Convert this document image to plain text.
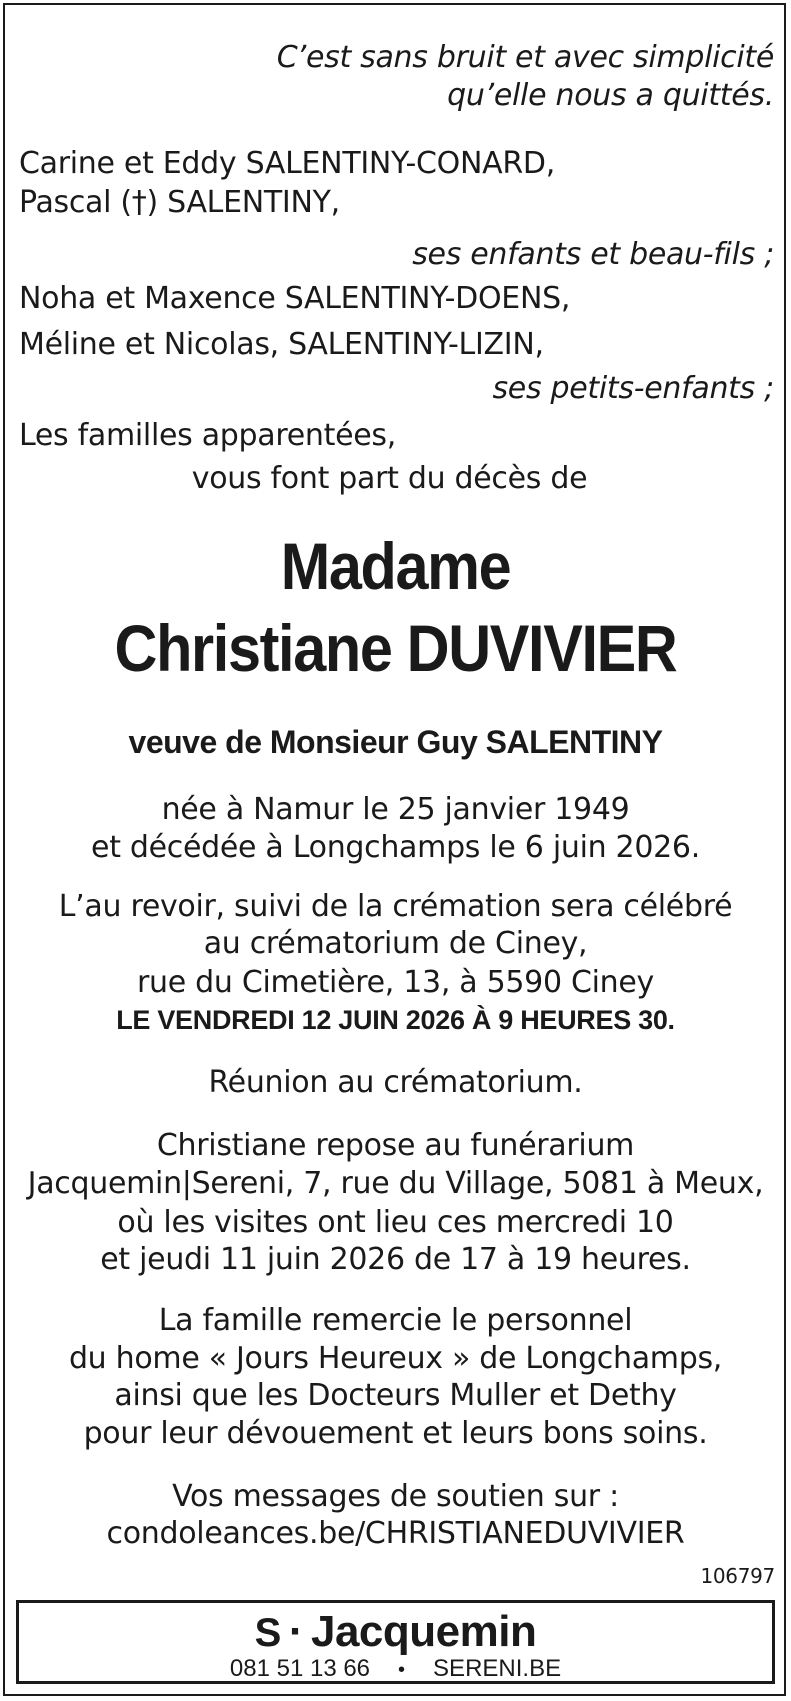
C’est sans bruit et avec simplicité
qu’elle nous a quittés.
Carine et Eddy SALENTINY-CONARD,
Pascal (†) SALENTINY,
ses enfants et beau-fils ;
Noha et Maxence SALENTINY-DOENS,
Méline et Nicolas, SALENTINY-LIZIN,
ses petits-enfants ;
Les familles apparentées,
vous font part du décès de
Madame
Christiane DUVIVIER
veuve de Monsieur Guy SALENTINY
née à Namur le 25 janvier 1949
et décédée à Longchamps le 6 juin 2026.
L’au revoir, suivi de la crémation sera célébré
au crématorium de Ciney,
rue du Cimetière, 13, à 5590 Ciney
LE VENDREDI 12 JUIN 2026 À 9 HEURES 30.
Réunion au crématorium.
Christiane repose au funérarium
Jacquemin|Sereni, 7, rue du Village, 5081 à Meux,
où les visites ont lieu ces mercredi 10
et jeudi 11 juin 2026 de 17 à 19 heures.
La famille remercie le personnel
du home « Jours Heureux » de Longchamps,
ainsi que les Docteurs Muller et Dethy
pour leur dévouement et leurs bons soins.
Vos messages de soutien sur :
condoleances.be/CHRISTIANEDUVIVIER
106797
S · Jacquemin
081 51 13 66 • SERENI.BE
